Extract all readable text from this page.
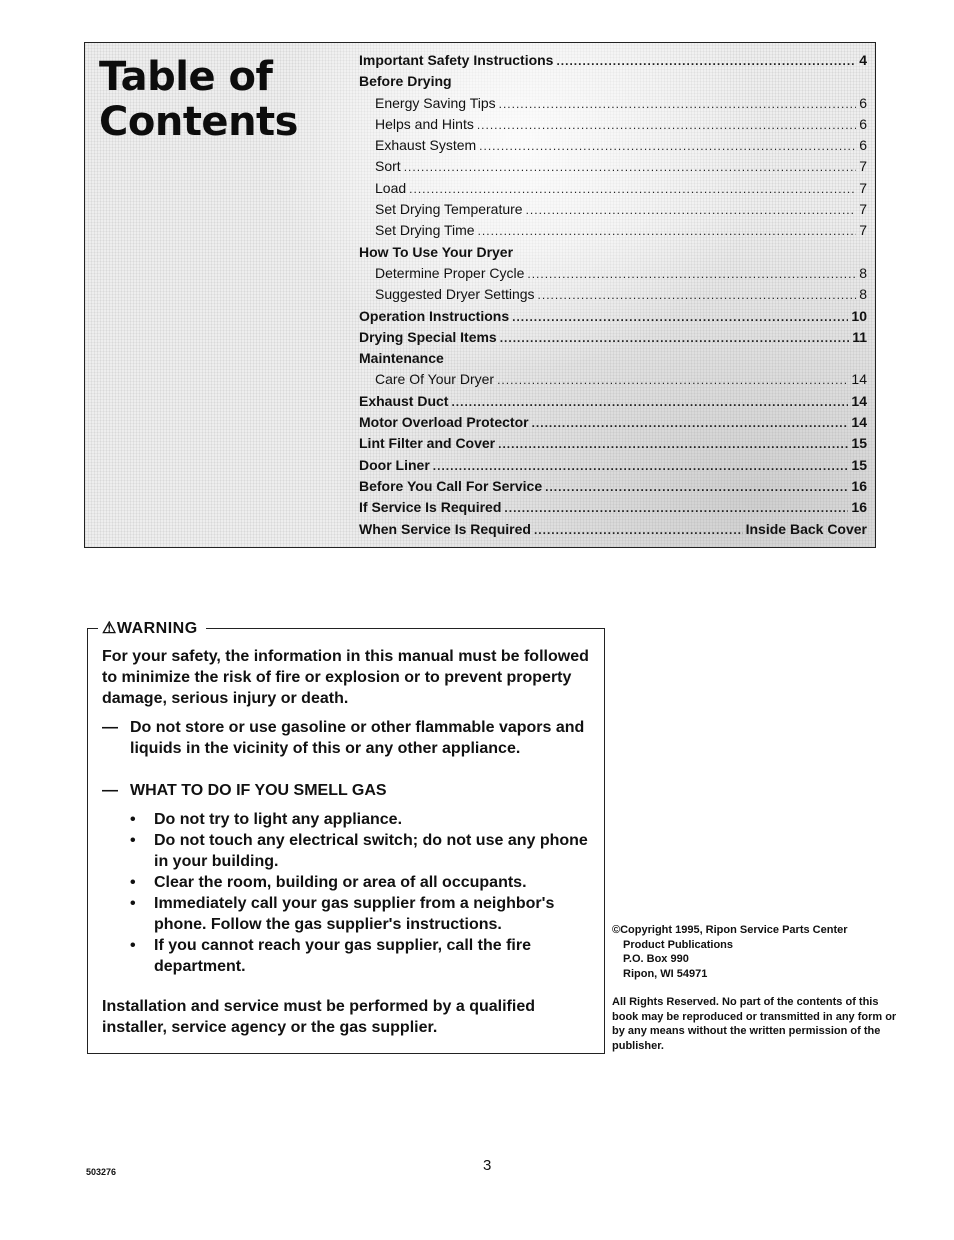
Table of
Contents
Important Safety Instructions .....	4
Before Drying
Energy Saving Tips .....	6
Helps and Hints .....	6
Exhaust System .....	6
Sort .....	7
Load .....	7
Set Drying Temperature .....	7
Set Drying Time .....	7
How To Use Your Dryer
Determine Proper Cycle .....	8
Suggested Dryer Settings .....	8
Operation Instructions .....	10
Drying Special Items .....	11
Maintenance
Care Of Your Dryer .....	14
Exhaust Duct .....	14
Motor Overload Protector .....	14
Lint Filter and Cover .....	15
Door Liner .....	15
Before You Call For Service .....	16
If Service Is Required .....	16
When Service Is Required .....	Inside Back Cover
⚠WARNING

For your safety, the information in this manual must be followed to minimize the risk of fire or explosion or to prevent property damage, serious injury or death.

— Do not store or use gasoline or other flammable vapors and liquids in the vicinity of this or any other appliance.

— WHAT TO DO IF YOU SMELL GAS

• Do not try to light any appliance.
• Do not touch any electrical switch; do not use any phone in your building.
• Clear the room, building or area of all occupants.
• Immediately call your gas supplier from a neighbor's phone. Follow the gas supplier's instructions.
• If you cannot reach your gas supplier, call the fire department.

Installation and service must be performed by a qualified installer, service agency or the gas supplier.

©Copyright 1995, Ripon Service Parts Center
Product Publications
P.O. Box 990
Ripon, WI 54971
All Rights Reserved. No part of the contents of this book may be reproduced or transmitted in any form or by any means without the written permission of the publisher.
503276	3
